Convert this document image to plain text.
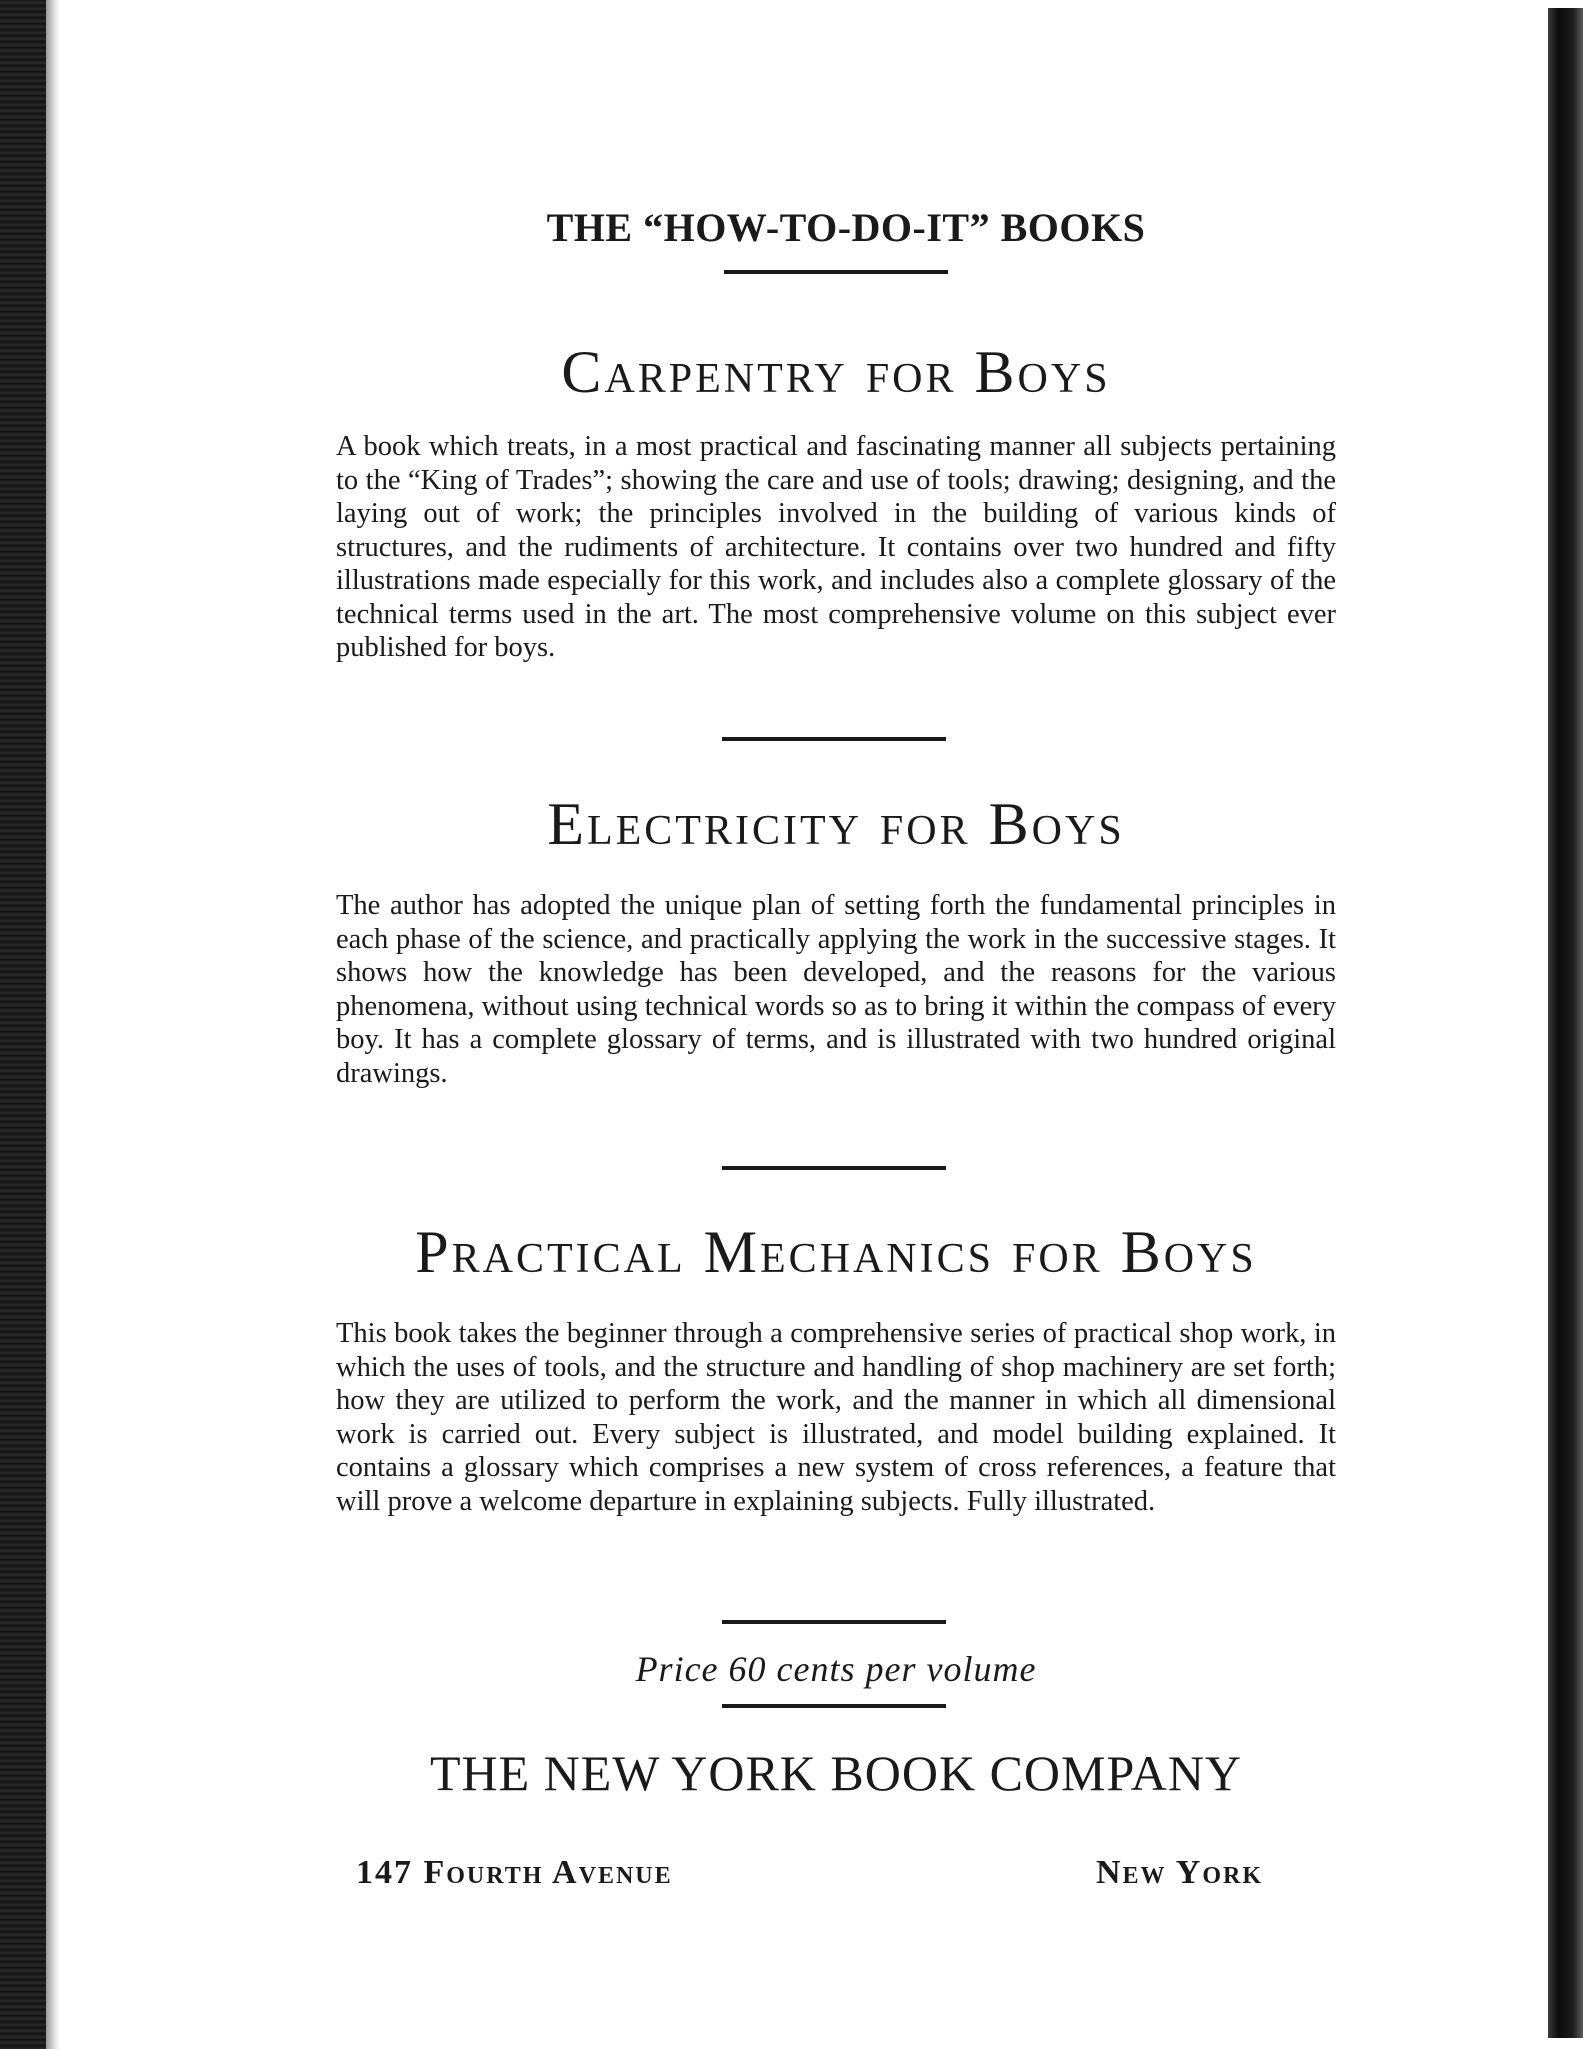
THE “HOW-TO-DO-IT” BOOKS
Carpentry for Boys
A book which treats, in a most practical and fascinating manner all subjects pertaining to the “King of Trades”; showing the care and use of tools; drawing; designing, and the laying out of work; the principles involved in the building of various kinds of structures, and the rudiments of architecture. It contains over two hundred and fifty illustrations made especially for this work, and includes also a complete glossary of the technical terms used in the art. The most comprehensive volume on this subject ever published for boys.
Electricity for Boys
The author has adopted the unique plan of setting forth the fundamental principles in each phase of the science, and practically applying the work in the successive stages. It shows how the knowledge has been developed, and the reasons for the various phenomena, without using technical words so as to bring it within the compass of every boy. It has a complete glossary of terms, and is illustrated with two hundred original drawings.
Practical Mechanics for Boys
This book takes the beginner through a comprehensive series of practical shop work, in which the uses of tools, and the structure and handling of shop machinery are set forth; how they are utilized to perform the work, and the manner in which all dimensional work is carried out. Every subject is illustrated, and model building explained. It contains a glossary which comprises a new system of cross references, a feature that will prove a welcome departure in explaining subjects. Fully illustrated.
Price 60 cents per volume
THE NEW YORK BOOK COMPANY
147 Fourth Avenue	New York
